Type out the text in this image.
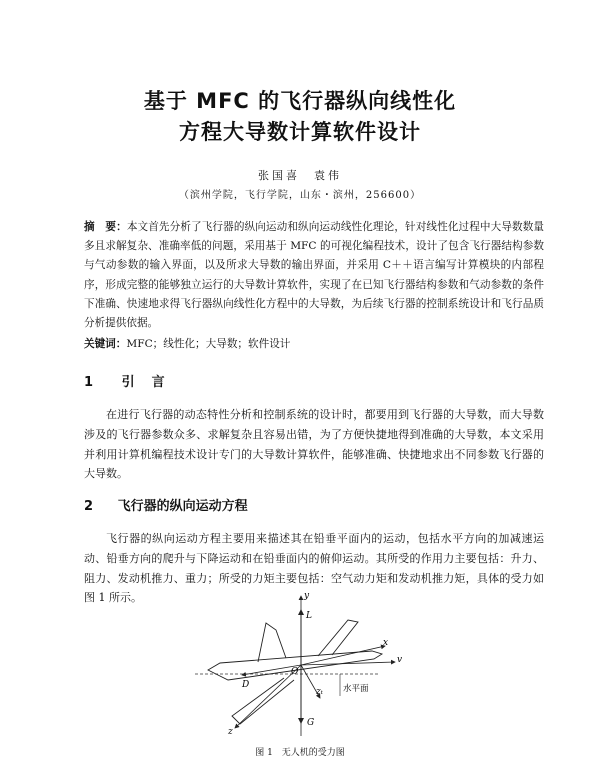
基于 MFC 的飞行器纵向线性化
方程大导数计算软件设计
张国喜　袁伟
（滨州学院，飞行学院，山东・滨州，256600）
摘　要：本文首先分析了飞行器的纵向运动和纵向运动线性化理论，针对线性化过程中大导数数量多且求解复杂、准确率低的问题，采用基于 MFC 的可视化编程技术，设计了包含飞行器结构参数与气动参数的输入界面，以及所求大导数的输出界面，并采用 C＋＋语言编写计算模块的内部程序，形成完整的能够独立运行的大导数计算软件，实现了在已知飞行器结构参数和气动参数的条件下准确、快速地求得飞行器纵向线性化方程中的大导数，为后续飞行器的控制系统设计和飞行品质分析提供依据。
关键词：MFC；线性化；大导数；软件设计
1 引　言
在进行飞行器的动态特性分析和控制系统的设计时，都要用到飞行器的大导数，而大导数涉及的飞行器参数众多、求解复杂且容易出错，为了方便快捷地得到准确的大导数，本文采用并利用计算机编程技术设计专门的大导数计算软件，能够准确、快捷地求出不同参数飞行器的大导数。
2 飞行器的纵向运动方程
飞行器的纵向运动方程主要用来描述其在铅垂平面内的运动，包括水平方向的加减速运动、铅垂方向的爬升与下降运动和在铅垂面内的俯仰运动。其所受的作用力主要包括：升力、阻力、发动机推力、重力；所受的力矩主要包括：空气动力矩和发动机推力矩，具体的受力如图 1 所示。	y
L
x
v
O
D
zₜ 水平面
G
z
图 1　无人机的受力图
